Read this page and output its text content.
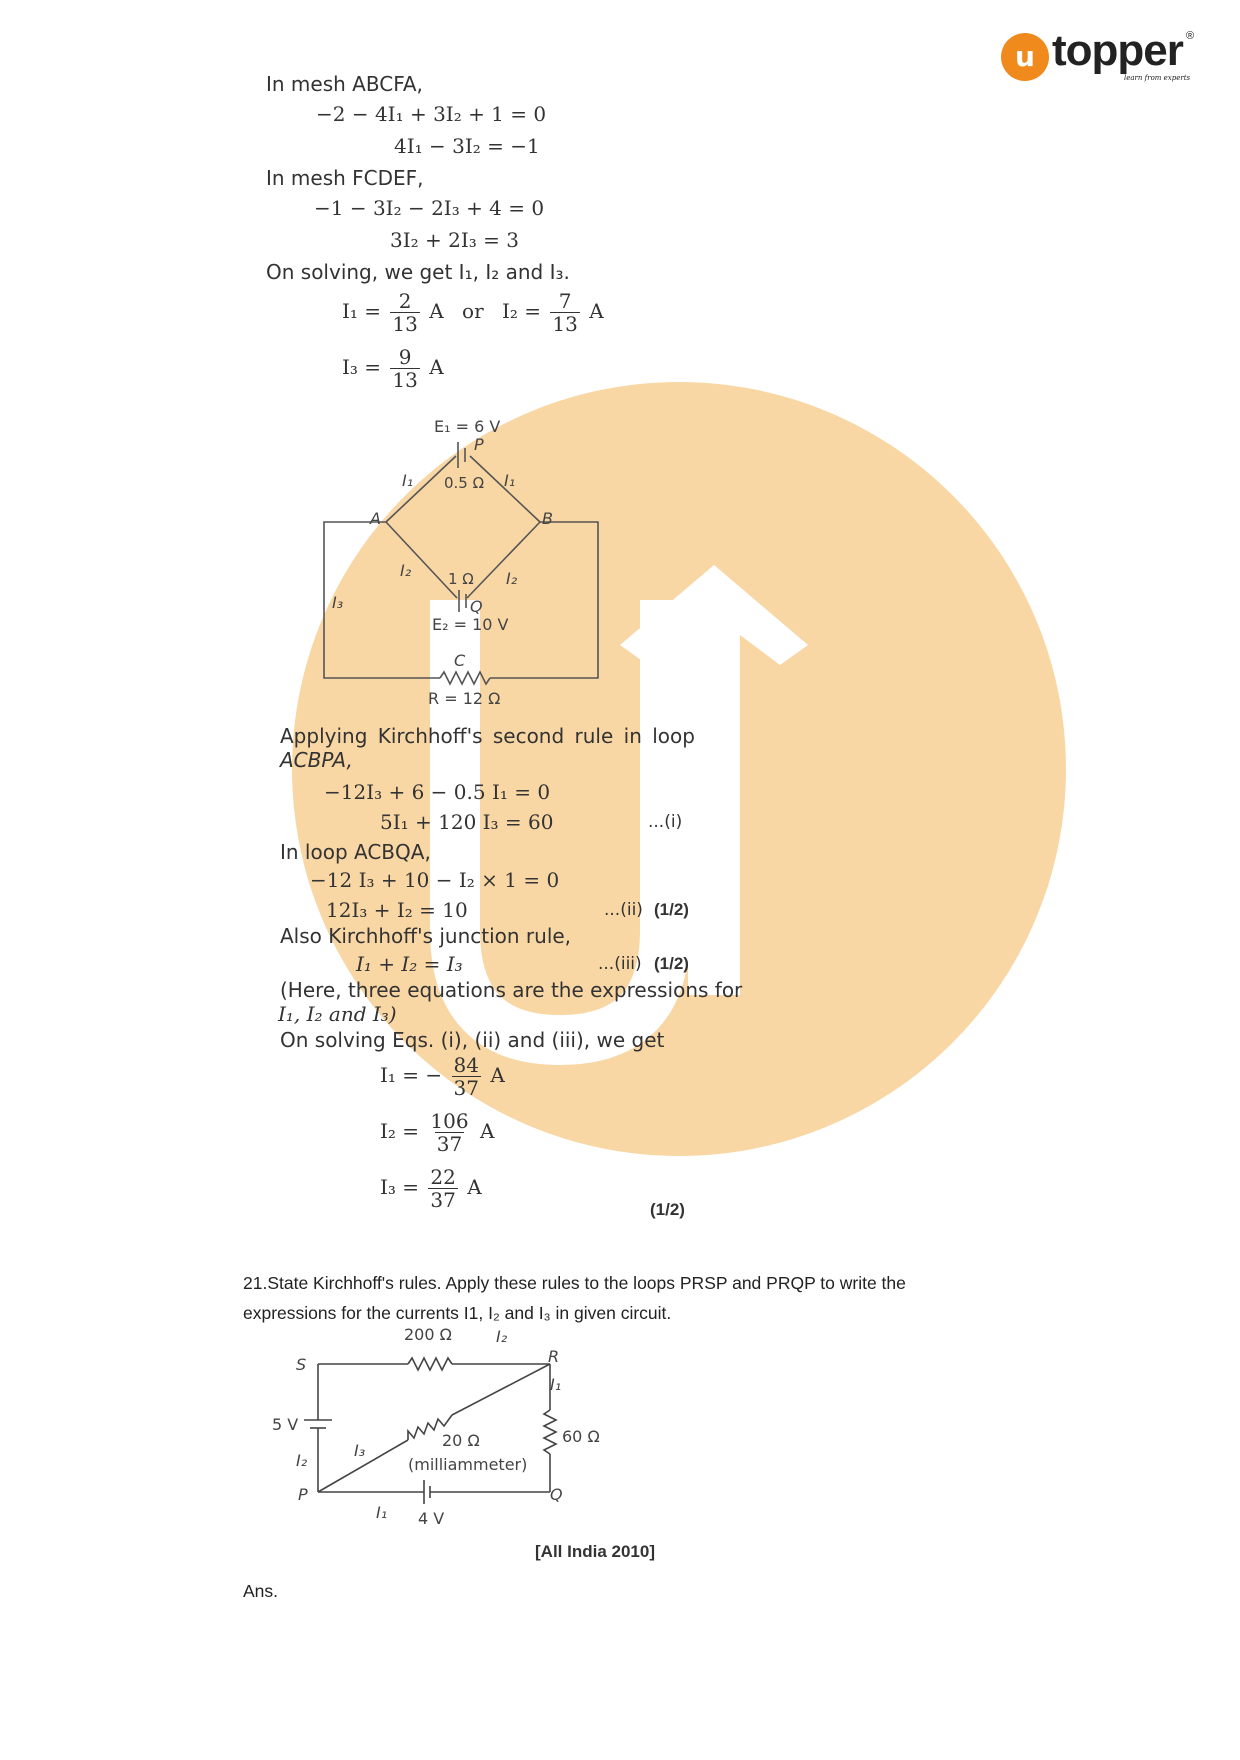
u topper ®
learn from experts
In mesh ABCFA,
−2 − 4I₁ + 3I₂ + 1 = 0
4I₁ − 3I₂ = −1
In mesh FCDEF,
−1 − 3I₂ − 2I₃ + 4 = 0
3I₂ + 2I₃ = 3
On solving, we get I₁, I₂ and I₃.
$I_1 = \frac{2}{13}$ A or $I_2 = \frac{7}{13}$ A
$I_3 = \frac{9}{13}$ A
E₁ = 6 V
P
I₁ 0.5 Ω I₁
A	B
I₂ 1 Ω I₂
I₃	Q
E₂ = 10 V
C
R = 12 Ω
Applying Kirchhoff's second rule in loop
ACBPA,
−12I₃ + 6 − 0.5 I₁ = 0
5I₁ + 120 I₃ = 60	...(i)
In loop ACBQA,
−12 I₃ + 10 − I₂ × 1 = 0
12I₃ + I₂ = 10	...(ii) (1/2)
Also Kirchhoff's junction rule,
I₁ + I₂ = I₃	...(iii) (1/2)
(Here, three equations are the expressions for
I₁, I₂ and I₃)
On solving Eqs. (i), (ii) and (iii), we get
I₁ = − $\frac{84}{37}$ A
$I_2 = \frac{106}{37}$ A
$I_3 = \frac{22}{37}$ A
(1/2)
21.State Kirchhoff's rules. Apply these rules to the loops PRSP and PRQP to write the
expressions for the currents I1, I₂ and I₃ in given circuit.
200 Ω	I₂
S	R
I₁
5 V
20 Ω
(milliammeter)
60 Ω
I₂
I₃
P	Q
I₁ 4 V
[All India 2010]
Ans.
